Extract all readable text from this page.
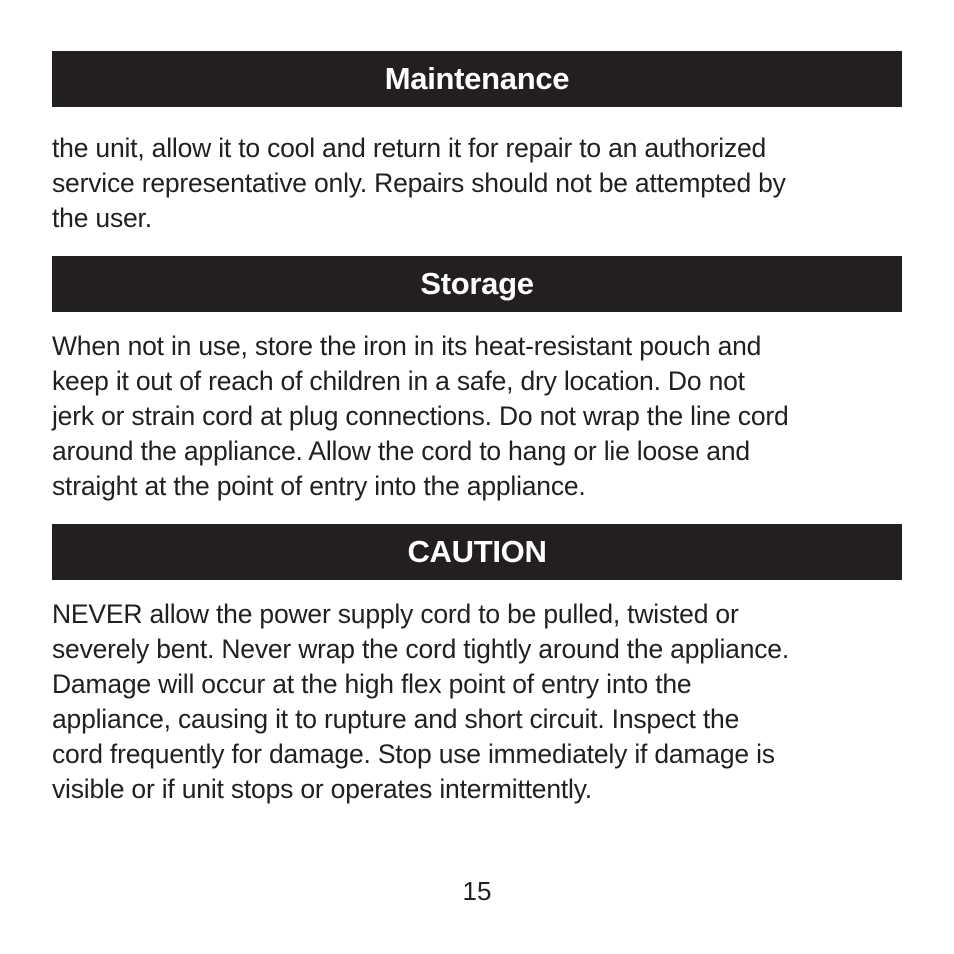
Maintenance
the unit, allow it to cool and return it for repair to an authorized
service representative only. Repairs should not be attempted by
the user.
Storage
When not in use, store the iron in its heat-resistant pouch and
keep it out of reach of children in a safe, dry location. Do not
jerk or strain cord at plug connections. Do not wrap the line cord
around the appliance. Allow the cord to hang or lie loose and
straight at the point of entry into the appliance.
CAUTION
NEVER allow the power supply cord to be pulled, twisted or
severely bent. Never wrap the cord tightly around the appliance.
Damage will occur at the high flex point of entry into the
appliance, causing it to rupture and short circuit. Inspect the
cord frequently for damage. Stop use immediately if damage is
visible or if unit stops or operates intermittently.
15
